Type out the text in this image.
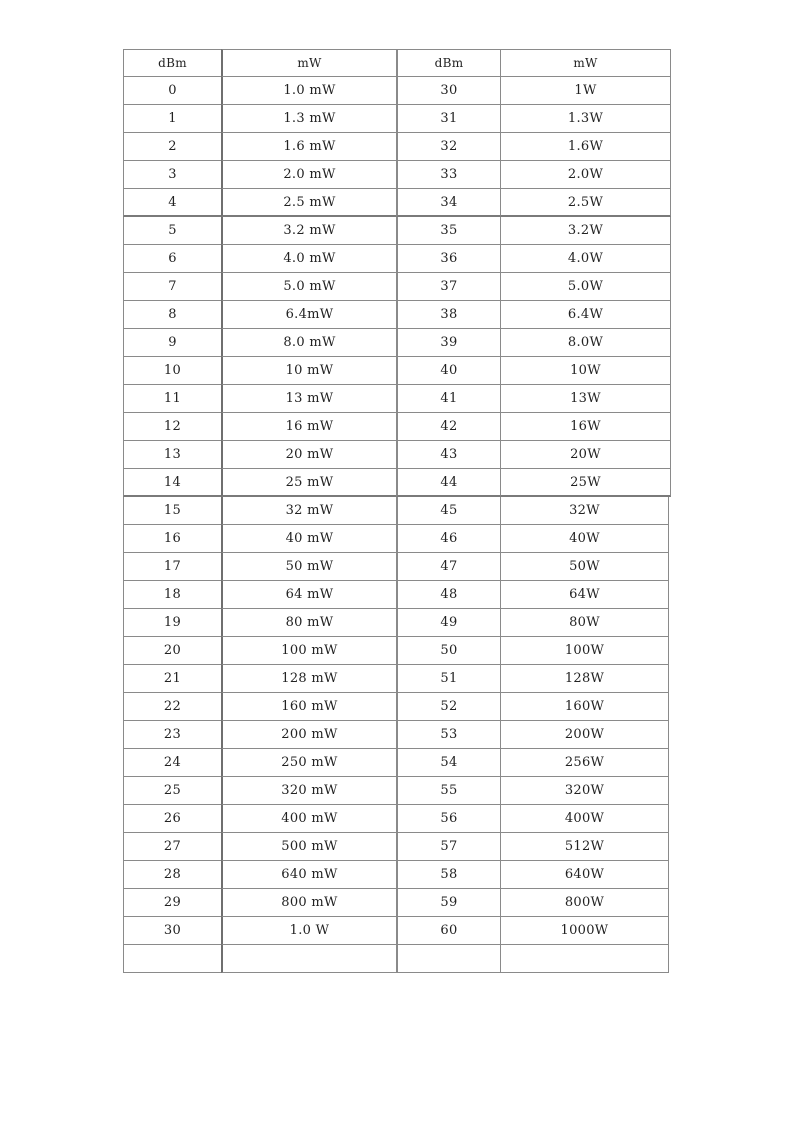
dBm	mW	dBm	mW
0	1.0 mW	30	1W
1	1.3 mW	31	1.3W
2	1.6 mW	32	1.6W
3	2.0 mW	33	2.0W
4	2.5 mW	34	2.5W
5	3.2 mW	35	3.2W
6	4.0 mW	36	4.0W
7	5.0 mW	37	5.0W
8	6.4mW	38	6.4W
9	8.0 mW	39	8.0W
10	10 mW	40	10W
11	13 mW	41	13W
12	16 mW	42	16W
13	20 mW	43	20W
14	25 mW	44	25W
15	32 mW	45	32W
16	40 mW	46	40W
17	50 mW	47	50W
18	64 mW	48	64W
19	80 mW	49	80W
20	100 mW	50	100W
21	128 mW	51	128W
22	160 mW	52	160W
23	200 mW	53	200W
24	250 mW	54	256W
25	320 mW	55	320W
26	400 mW	56	400W
27	500 mW	57	512W
28	640 mW	58	640W
29	800 mW	59	800W
30	1.0 W	60	1000W
